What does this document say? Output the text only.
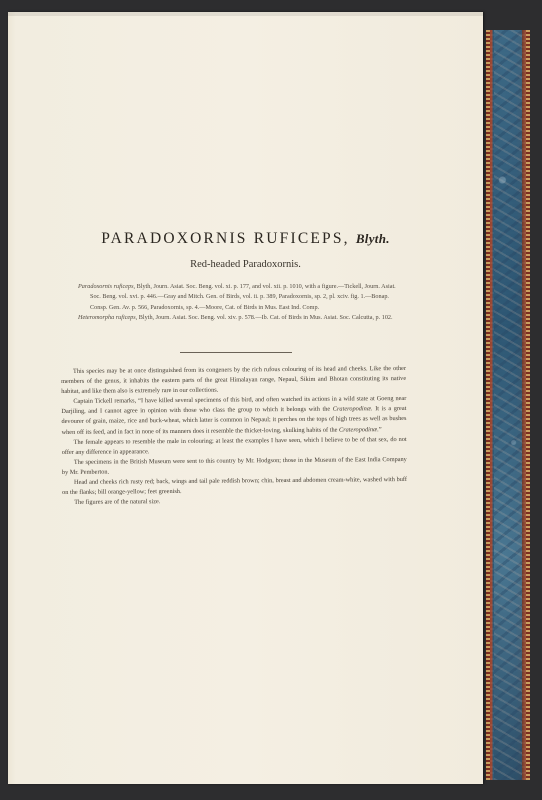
PARADOXORNIS RUFICEPS, Blyth.
Red-headed Paradoxornis.
Paradoxornis ruficeps, Blyth, Journ. Asiat. Soc. Beng. vol. xi. p. 177, and vol. xii. p. 1010, with a figure.—Tickell, Journ. Asiat. Soc. Beng. vol. xvi. p. 446.—Gray and Mitch. Gen. of Birds, vol. ii. p. 389, Paradoxornis, sp. 2, pl. xciv. fig. 1.—Bonap. Consp. Gen. Av. p. 566, Paradoxornis, sp. 4.—Moore, Cat. of Birds in Mus. East Ind. Comp.
Heteromorpha ruficeps, Blyth, Journ. Asiat. Soc. Beng. vol. xiv. p. 578.—Ib. Cat. of Birds in Mus. Asiat. Soc. Calcutta, p. 102.

This species may be at once distinguished from its congeners by the rich rufous colouring of its head and cheeks. Like the other members of the genus, it inhabits the eastern parts of the great Himalayan range, Nepaul, Sikim and Bhotan constituting its native habitat, and like them also is extremely rare in our collections.

Captain Tickell remarks, “I have killed several specimens of this bird, and often watched its actions in a wild state at Goeng near Darjiling, and I cannot agree in opinion with those who class the group to which it belongs with the Crateropodinæ. It is a great devourer of grain, maize, rice and buck-wheat, which latter is common in Nepaul; it perches on the tops of high trees as well as bushes when off its feed, and in fact in none of its manners does it resemble the thicket-loving, skulking habits of the Crateropodinæ.”

The female appears to resemble the male in colouring; at least the examples I have seen, which I believe to be of that sex, do not offer any difference in appearance.

The specimens in the British Museum were sent to this country by Mr. Hodgson; those in the Museum of the East India Company by Mr. Pemberton.

Head and cheeks rich rusty red; back, wings and tail pale reddish brown; chin, breast and abdomen cream-white, washed with buff on the flanks; bill orange-yellow; feet greenish.

The figures are of the natural size.
